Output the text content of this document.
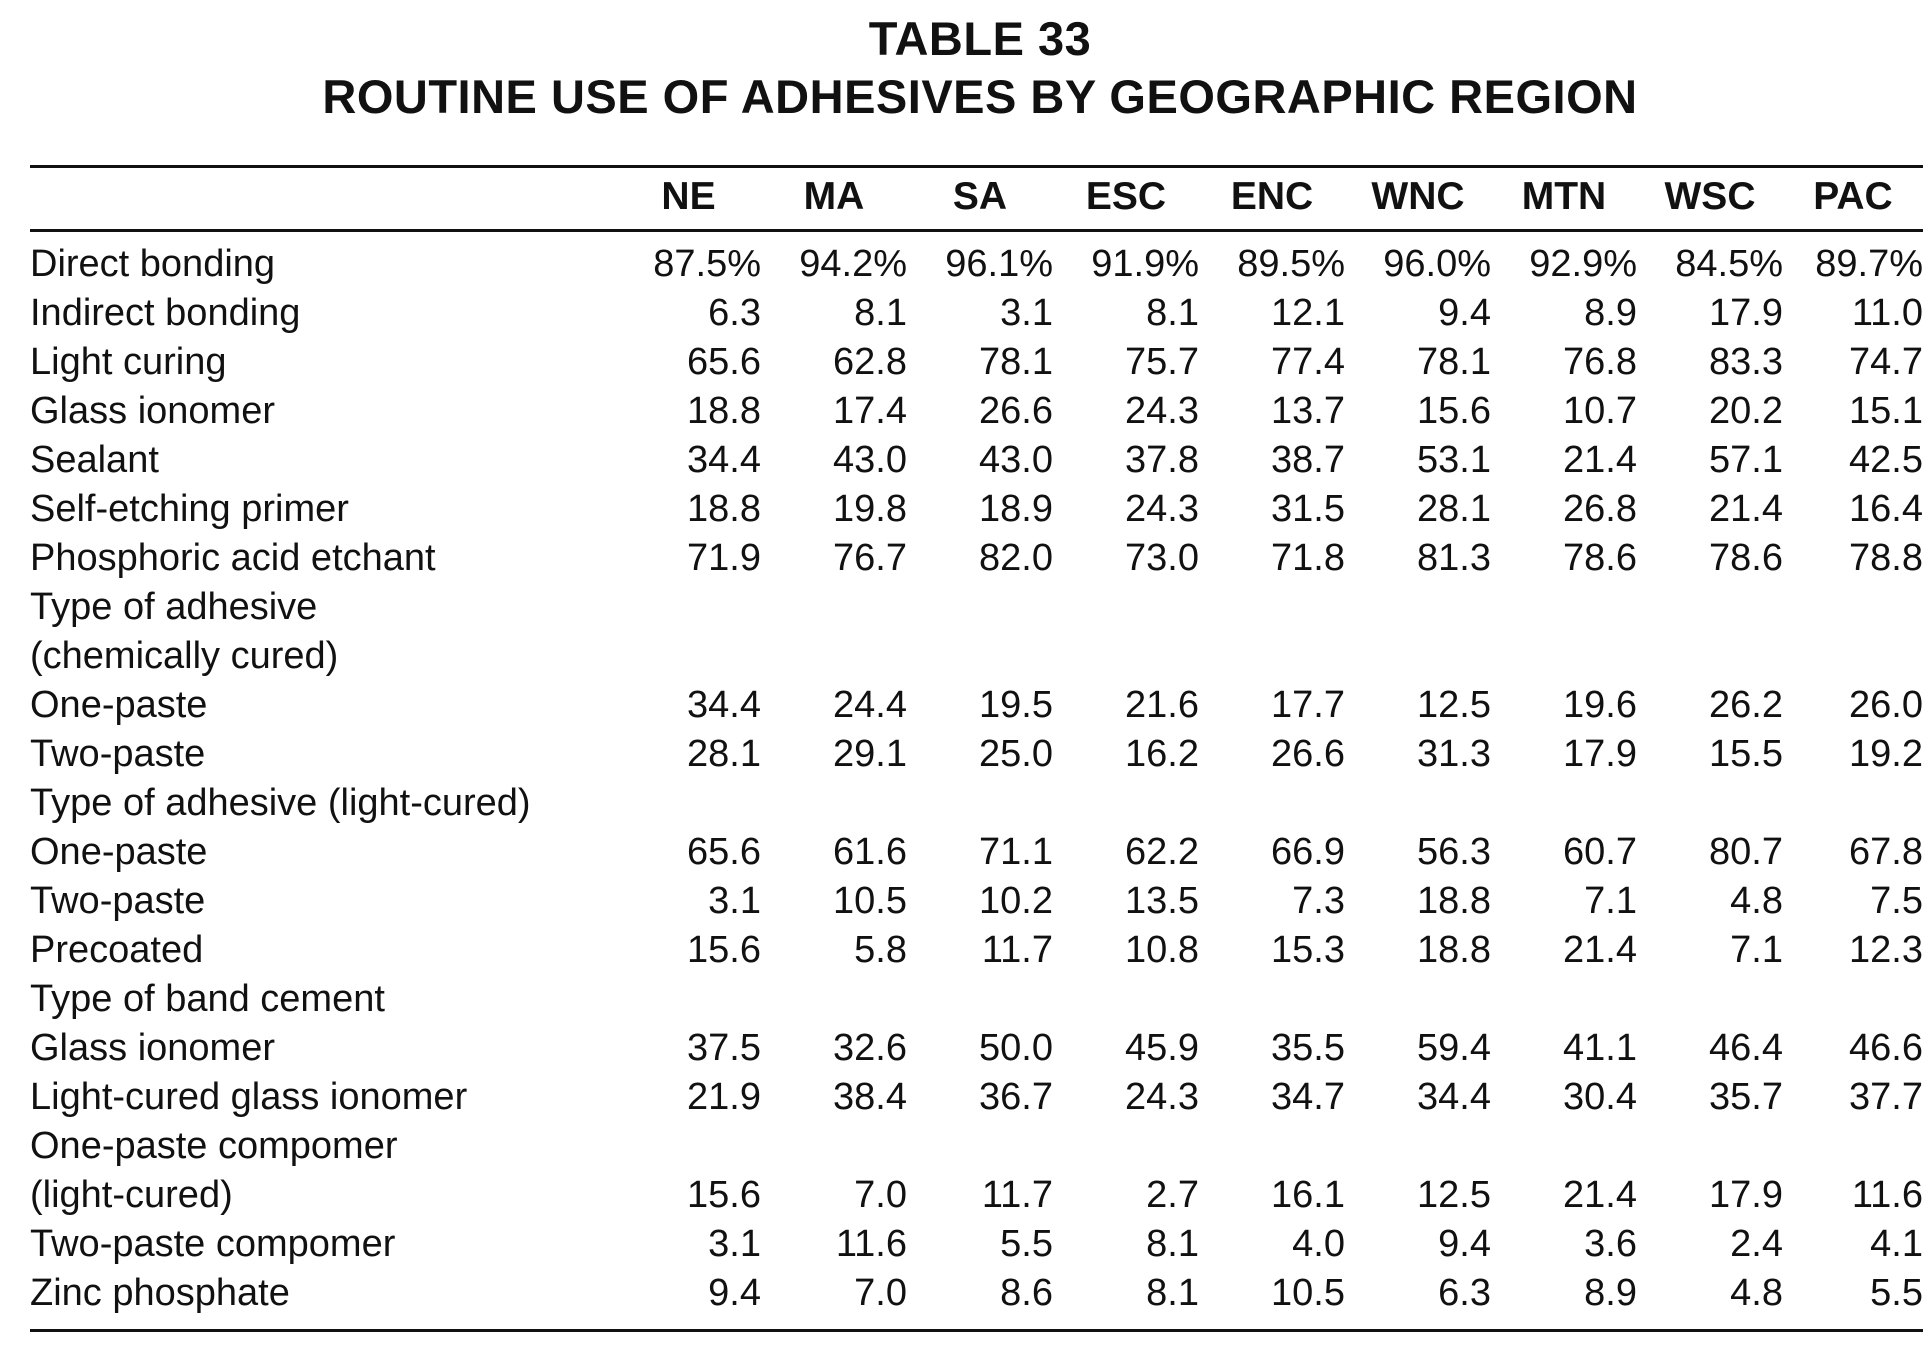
TABLE 33
ROUTINE USE OF ADHESIVES BY GEOGRAPHIC REGION
	NE	MA	SA	ESC	ENC	WNC	MTN	WSC	PAC

Direct bonding	87.5%	94.2%	96.1%	91.9%	89.5%	96.0%	92.9%	84.5%	89.7%
Indirect bonding	6.3	8.1	3.1	8.1	12.1	9.4	8.9	17.9	11.0
Light curing	65.6	62.8	78.1	75.7	77.4	78.1	76.8	83.3	74.7
Glass ionomer	18.8	17.4	26.6	24.3	13.7	15.6	10.7	20.2	15.1
Sealant	34.4	43.0	43.0	37.8	38.7	53.1	21.4	57.1	42.5
Self-etching primer	18.8	19.8	18.9	24.3	31.5	28.1	26.8	21.4	16.4
Phosphoric acid etchant	71.9	76.7	82.0	73.0	71.8	81.3	78.6	78.6	78.8
Type of adhesive									
(chemically cured)									
One-paste	34.4	24.4	19.5	21.6	17.7	12.5	19.6	26.2	26.0
Two-paste	28.1	29.1	25.0	16.2	26.6	31.3	17.9	15.5	19.2
Type of adhesive (light-cured)									
One-paste	65.6	61.6	71.1	62.2	66.9	56.3	60.7	80.7	67.8
Two-paste	3.1	10.5	10.2	13.5	7.3	18.8	7.1	4.8	7.5
Precoated	15.6	5.8	11.7	10.8	15.3	18.8	21.4	7.1	12.3
Type of band cement									
Glass ionomer	37.5	32.6	50.0	45.9	35.5	59.4	41.1	46.4	46.6
Light-cured glass ionomer	21.9	38.4	36.7	24.3	34.7	34.4	30.4	35.7	37.7
One-paste compomer									
(light-cured)	15.6	7.0	11.7	2.7	16.1	12.5	21.4	17.9	11.6
Two-paste compomer	3.1	11.6	5.5	8.1	4.0	9.4	3.6	2.4	4.1
Zinc phosphate	9.4	7.0	8.6	8.1	10.5	6.3	8.9	4.8	5.5
